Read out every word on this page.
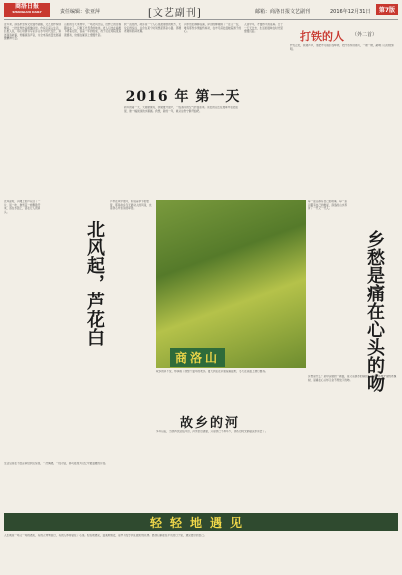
商洛日报
SHANGLUO DAILY	责任编辑：张亚萍	[文艺副刊]	邮箱：商洛日报文艺副刊	2016年12月31日	第7版
近年来，商洛市坚持文化强市战略，文艺创作持续繁荣，一批优秀作品相继问世。作家们深入生活，扎根人民，用心用情书写家乡山水与时代变迁，讲述商洛故事，传播商洛声音，为全市高质量发展凝聚精神力量。
山里的冬天来得早，一场北风过后，田野上的庄稼都收完了，只剩下光秃秃的地垄。老人们坐在墙根下晒着太阳，说着一年的收成，孩子们在场院里追逐嬉戏，炊烟在屋顶上慢慢升起。
我一直觉得，故乡是一个人心里最柔软的地方，无论走得多远，总会在某个时刻想起那条小路、那棵老树和那间老屋。
河水依旧静静流淌，岸边的柳树换了一茬又一茬，唯有那份乡情始终如初，在岁月深处温暖着游子的心。
2016 年 第一天
新年的第一天，天刚蒙蒙亮，我就推开窗户，一股清冷的空气扑面而来。远处的山峦在晨雾中若隐若现，像一幅淡淡的水墨画。我想，新的一年，就从这份宁静开始吧。
人到中年，才懂得平淡是真。日子一天天过去，生活的滋味在时光里慢慢沉淀。	打铁的人 （外二首）
炉火正旺，铁锤声声，他把岁月锻打成犁铧，把汗水淬进钢刃，一锤一锤，敲响了山村的黎明。
北风起时，河滩上的芦花白了一片，风一吹，像雪花一样飘散开来，落在水面上，落在行人的肩头。
北风起，芦花白
芦苇在风中低吟，诉说着季节的更替，那是故乡冬天最动人的风景，也是我心中永远的牵挂。
商洛山
每一座山都有自己的故事，每一条河都有自己的歌谣，商洛的山水养育了一代又一代人。
乡愁是痛在心头的吻
故乡的河
故乡的河不宽，却承载了我整个童年的欢乐。夏天我们在河里摸鱼捉虾，冬天在冰面上滑行嬉戏。
多年以后，当我再次站在河边，河水依旧清澈，只是我已不再年少，那些旧时光都随流水远去了。
生活总是在不经意间给我们惊喜，一次偶遇，一段对话，都可能成为记忆中最温暖的片段。
乡愁是什么？是母亲做的一碗面，是父亲挑水的扁担，是村口那棵守望的老槐树，是痛在心头却又舍不得放下的吻。
轻轻地遇见
人生就是一场又一场的遇见，有的人匆匆而过，有的人却停留在了心里。轻轻地遇见，温柔地相处，是岁月给予我们最好的礼物。愿我们都能在平凡的日子里，遇见更好的自己。
